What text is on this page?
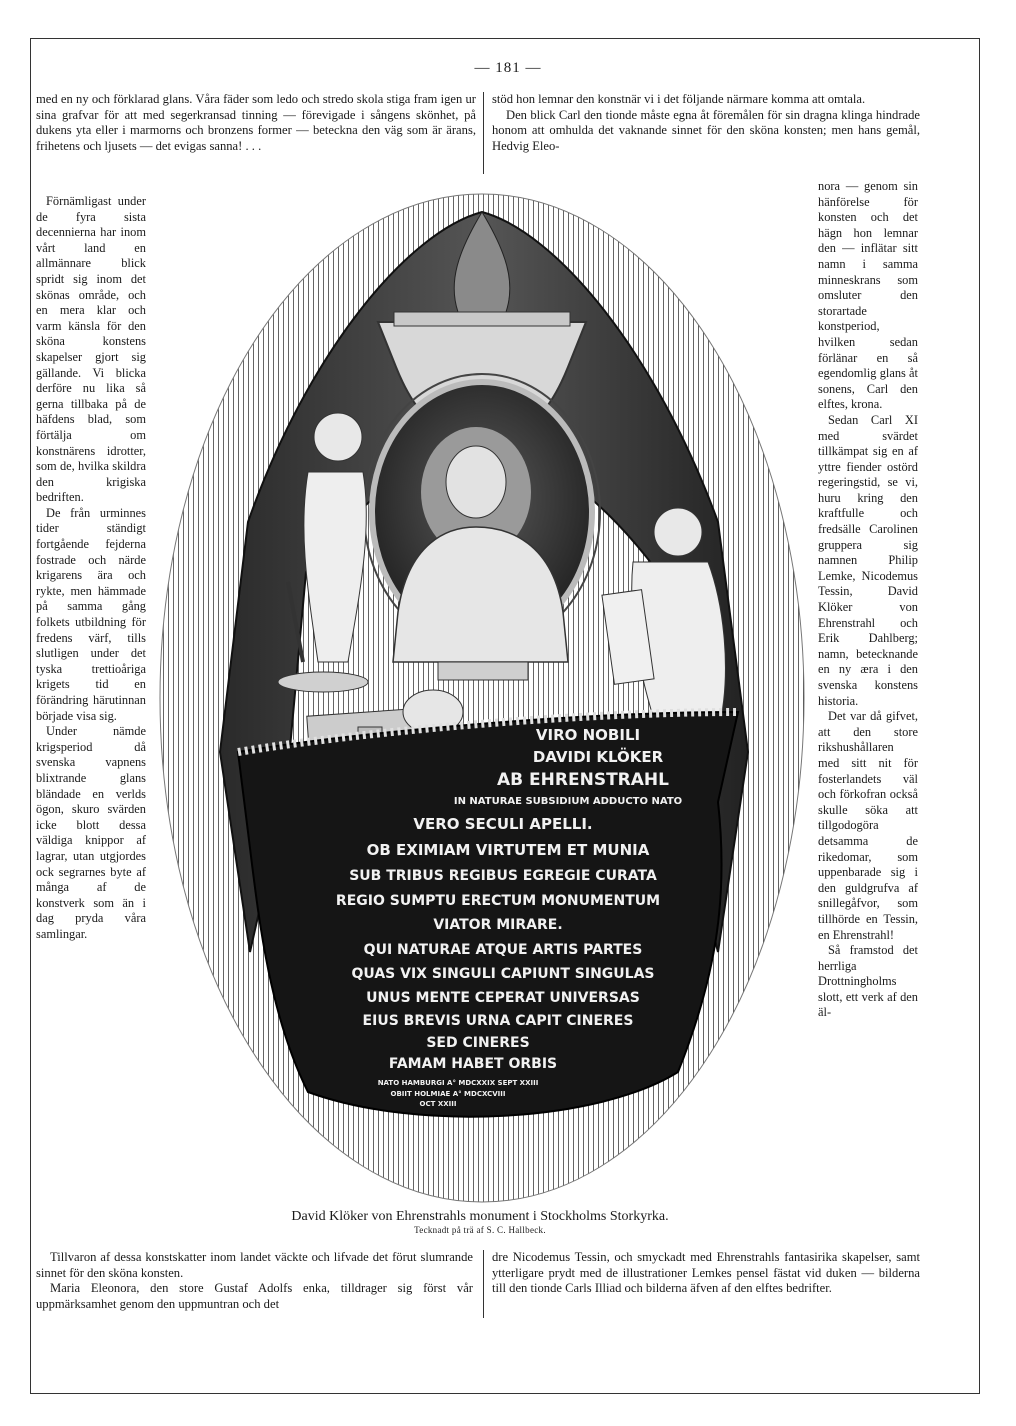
— 181 —

med en ny och förklarad glans. Våra fäder som ledo och stredo skola stiga fram igen ur sina grafvar för att med segerkransad tinning — förevigade i sångens skönhet, på dukens yta eller i marmorns och bronzens former — beteckna den väg som är ärans, frihetens och ljusets — det evigas sanna! . . .

stöd hon lemnar den konstnär vi i det följande närmare komma att omtala.

Den blick Carl den tionde måste egna åt föremålen för sin dragna klinga hindrade honom att omhulda det vaknande sinnet för den sköna konsten; men hans gemål, Hedvig Eleo-

Förnämligast under de fyra sista decennierna har inom vårt land en allmännare blick spridt sig inom det skönas område, och en mera klar och varm känsla för den sköna konstens skapelser gjort sig gällande. Vi blicka derföre nu lika så gerna tillbaka på de häfdens blad, som förtälja om konstnärens idrotter, som de, hvilka skildra den krigiska bedriften.

De från urminnes tider ständigt fortgående fejderna fostrade och närde krigarens ära och rykte, men hämmade på samma gång folkets utbildning för fredens värf, tills slutligen under det tyska trettioåriga krigets tid en förändring härutinnan började visa sig.

Under nämde krigsperiod då svenska vapnens blixtrande glans bländade en verlds ögon, skuro svärden icke blott dessa väldiga knippor af lagrar, utan utgjordes ock segrarnes byte af många af de konstverk som än i dag pryda våra samlingar.

nora — genom sin hänförelse för konsten och det hägn hon lemnar den — inflätar sitt namn i samma minneskrans som omsluter den storartade konstperiod, hvilken sedan förlänar en så egendomlig glans åt sonens, Carl den elftes, krona.

Sedan Carl XI med svärdet tillkämpat sig en af yttre fiender ostörd regeringstid, se vi, huru kring den kraftfulle och fredsälle Carolinen gruppera sig namnen Philip Lemke, Nicodemus Tessin, David Klöker von Ehrenstrahl och Erik Dahlberg; namn, betecknande en ny æra i den svenska konstens historia.

Det var då gifvet, att den store rikshushållaren med sitt nit för fosterlandets väl och förkofran också skulle söka att tillgodogöra detsamma de rikedomar, som uppenbarade sig i den guldgrufva af snillegåfvor, som tillhörde en Tessin, en Ehrenstrahl!

Så framstod det herrliga Drottningholms slott, ett verk af den äl-

VIRO NOBILI
DAVIDI KLÖKER
AB EHRENSTRAHL
IN NATURAE SUBSIDIUM ADDUCTO NATO
VERO SECULI APELLI.
OB EXIMIAM VIRTUTEM ET MUNIA
SUB TRIBUS REGIBUS EGREGIE CURATA
REGIO SUMPTU ERECTUM MONUMENTUM
VIATOR MIRARE.
QUI NATURAE ATQUE ARTIS PARTES
QUAS VIX SINGULI CAPIUNT SINGULAS
UNUS MENTE CEPERAT UNIVERSAS
EIUS BREVIS URNA CAPIT CINERES
SED CINERES
FAMAM HABET ORBIS
NATO HAMBURGI A° MDCXXIX SEPT XXIII
OBIIT HOLMIAE A° MDCXCVIII
OCT XXIII
David Klöker von Ehrenstrahls monument i Stockholms Storkyrka.
Tecknadt på trä af S. C. Hallbeck.

Tillvaron af dessa konstskatter inom landet väckte och lifvade det förut slumrande sinnet för den sköna konsten.

Maria Eleonora, den store Gustaf Adolfs enka, tilldrager sig först vår uppmärksamhet genom den uppmuntran och det

dre Nicodemus Tessin, och smyckadt med Ehrenstrahls fantasirika skapelser, samt ytterligare prydt med de illustrationer Lemkes pensel fästat vid duken — bilderna till den tionde Carls Illiad och bilderna äfven af den elftes bedrifter.
